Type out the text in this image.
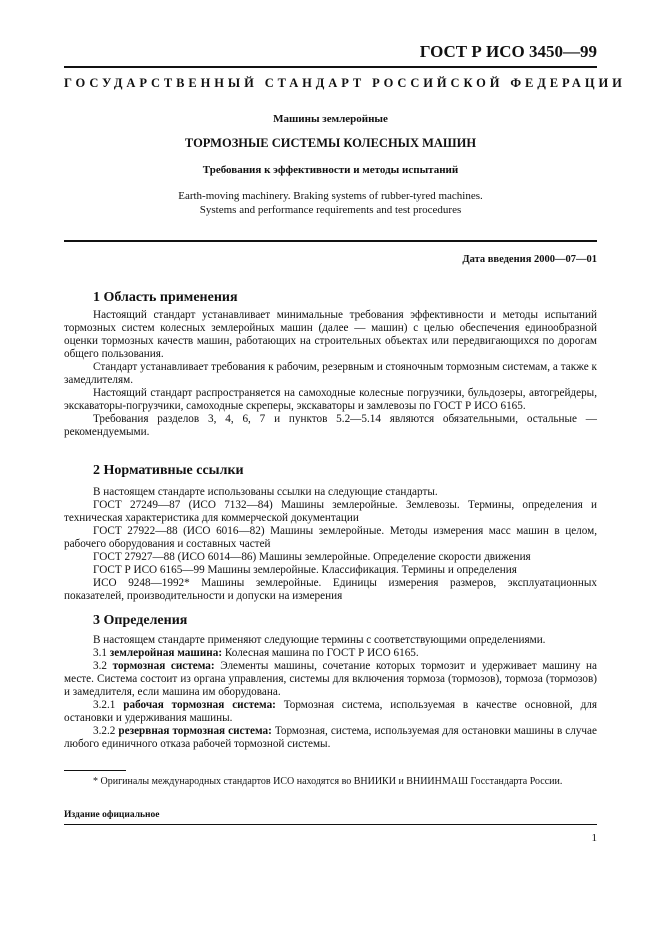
ГОСТ Р ИСО 3450—99
ГОСУДАРСТВЕННЫЙ СТАНДАРТ РОССИЙСКОЙ ФЕДЕРАЦИИ
Машины землеройные
ТОРМОЗНЫЕ СИСТЕМЫ КОЛЕСНЫХ МАШИН
Требования к эффективности и методы испытаний
Earth-moving machinery. Braking systems of rubber-tyred machines.
Systems and performance requirements and test procedures
Дата введения 2000—07—01
1 Область применения

Настоящий стандарт устанавливает минимальные требования эффективности и методы испытаний тормозных систем колесных землеройных машин (далее — машин) с целью обеспечения единообразной оценки тормозных качеств машин, работающих на строительных объектах или передвигающихся по дорогам общего пользования.

Стандарт устанавливает требования к рабочим, резервным и стояночным тормозным системам, а также к замедлителям.

Настоящий стандарт распространяется на самоходные колесные погрузчики, бульдозеры, автогрейдеры, экскаваторы-погрузчики, самоходные скреперы, экскаваторы и замлевозы по ГОСТ Р ИСО 6165.

Требования разделов 3, 4, 6, 7 и пунктов 5.2—5.14 являются обязательными, остальные — рекомендуемыми.

2 Нормативные ссылки

В настоящем стандарте использованы ссылки на следующие стандарты.

ГОСТ 27249—87 (ИСО 7132—84) Машины землеройные. Землевозы. Термины, определения и техническая характеристика для коммерческой документации

ГОСТ 27922—88 (ИСО 6016—82) Машины землеройные. Методы измерения масс машин в целом, рабочего оборудования и составных частей

ГОСТ 27927—88 (ИСО 6014—86) Машины землеройные. Определение скорости движения

ГОСТ Р ИСО 6165—99 Машины землеройные. Классификация. Термины и определения

ИСО 9248—1992* Машины землеройные. Единицы измерения размеров, эксплуатационных показателей, производительности и допуски на измерения

3 Определения

В настоящем стандарте применяют следующие термины с соответствующими определениями.

3.1 землеройная машина: Колесная машина по ГОСТ Р ИСО 6165.

3.2 тормозная система: Элементы машины, сочетание которых тормозит и удерживает машину на месте. Система состоит из органа управления, системы для включения тормоза (тормозов), тормоза (тормозов) и замедлителя, если машина им оборудована.

3.2.1 рабочая тормозная система: Тормозная система, используемая в качестве основной, для остановки и удерживания машины.

3.2.2 резервная тормозная система: Тормозная, система, используемая для остановки машины в случае любого единичного отказа рабочей тормозной системы.

* Оригиналы международных стандартов ИСО находятся во ВНИИКИ и ВНИИНМАШ Госстандарта России.

Издание официальное
1
